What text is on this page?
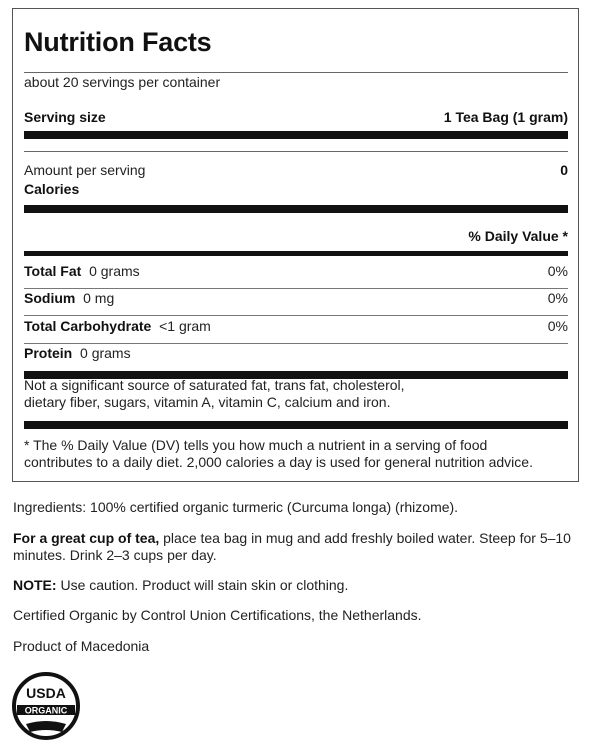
Nutrition Facts
about 20 servings per container
Serving size	1 Tea Bag (1 gram)
Amount per serving	0
Calories
% Daily Value *
Total Fat 0 grams	0%
Sodium 0 mg	0%
Total Carbohydrate <1 gram	0%
Protein 0 grams
Not a significant source of saturated fat, trans fat, cholesterol,
dietary fiber, sugars, vitamin A, vitamin C, calcium and iron.
* The % Daily Value (DV) tells you how much a nutrient in a serving of food
contributes to a daily diet. 2,000 calories a day is used for general nutrition advice.
Ingredients: 100% certified organic turmeric (Curcuma longa) (rhizome).
For a great cup of tea, place tea bag in mug and add freshly boiled water. Steep for 5–10 minutes. Drink 2–3 cups per day.
NOTE: Use caution. Product will stain skin or clothing.
Certified Organic by Control Union Certifications, the Netherlands.
Product of Macedonia
USDA
ORGANIC
